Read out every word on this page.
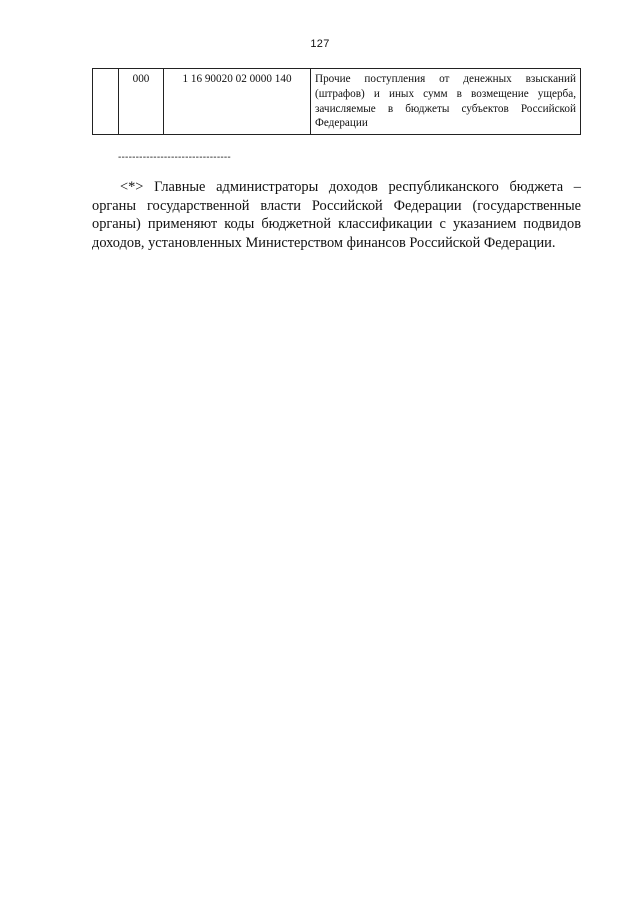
127
	000	1 16 90020 02 0000 140	Прочие поступления от денежных взысканий (штрафов) и иных сумм в возмещение ущерба, зачисляемые в бюджеты субъектов Российской Федерации
--------------------------------

<*> Главные администраторы доходов республиканского бюджета – органы государственной власти Российской Федерации (государственные органы) применяют коды бюджетной классификации с указанием подвидов доходов, установленных Министерством финансов Российской Федерации.
